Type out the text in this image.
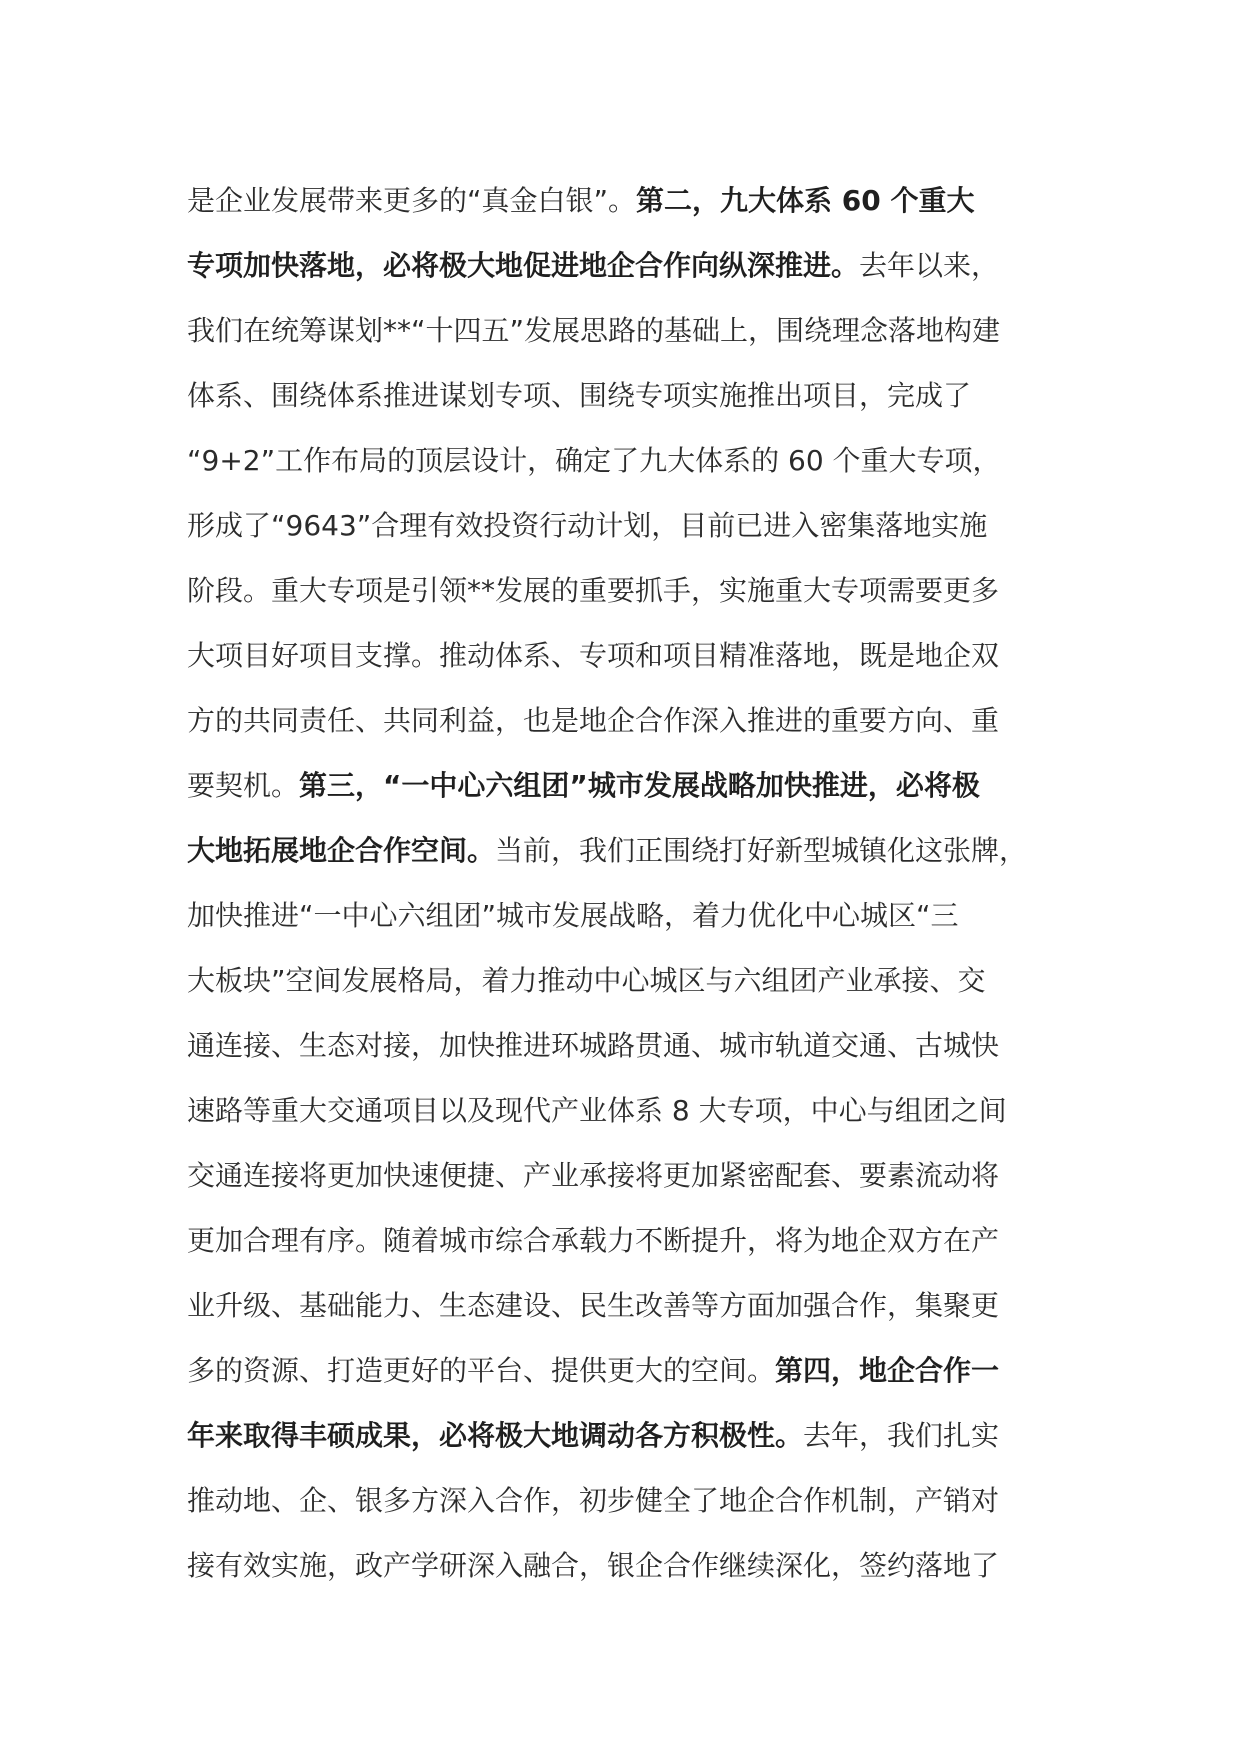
是企业发展带来更多的“真金白银”。第二，九大体系 60 个重大
专项加快落地，必将极大地促进地企合作向纵深推进。去年以来，
我们在统筹谋划**“十四五”发展思路的基础上，围绕理念落地构建
体系、围绕体系推进谋划专项、围绕专项实施推出项目，完成了
“9+2”工作布局的顶层设计，确定了九大体系的 60 个重大专项，
形成了“9643”合理有效投资行动计划，目前已进入密集落地实施
阶段。重大专项是引领**发展的重要抓手，实施重大专项需要更多
大项目好项目支撑。推动体系、专项和项目精准落地，既是地企双
方的共同责任、共同利益，也是地企合作深入推进的重要方向、重
要契机。第三，“一中心六组团”城市发展战略加快推进，必将极
大地拓展地企合作空间。当前，我们正围绕打好新型城镇化这张牌，
加快推进“一中心六组团”城市发展战略，着力优化中心城区“三
大板块”空间发展格局，着力推动中心城区与六组团产业承接、交
通连接、生态对接，加快推进环城路贯通、城市轨道交通、古城快
速路等重大交通项目以及现代产业体系 8 大专项，中心与组团之间
交通连接将更加快速便捷、产业承接将更加紧密配套、要素流动将
更加合理有序。随着城市综合承载力不断提升，将为地企双方在产
业升级、基础能力、生态建设、民生改善等方面加强合作，集聚更
多的资源、打造更好的平台、提供更大的空间。第四，地企合作一
年来取得丰硕成果，必将极大地调动各方积极性。去年，我们扎实
推动地、企、银多方深入合作，初步健全了地企合作机制，产销对
接有效实施，政产学研深入融合，银企合作继续深化，签约落地了
